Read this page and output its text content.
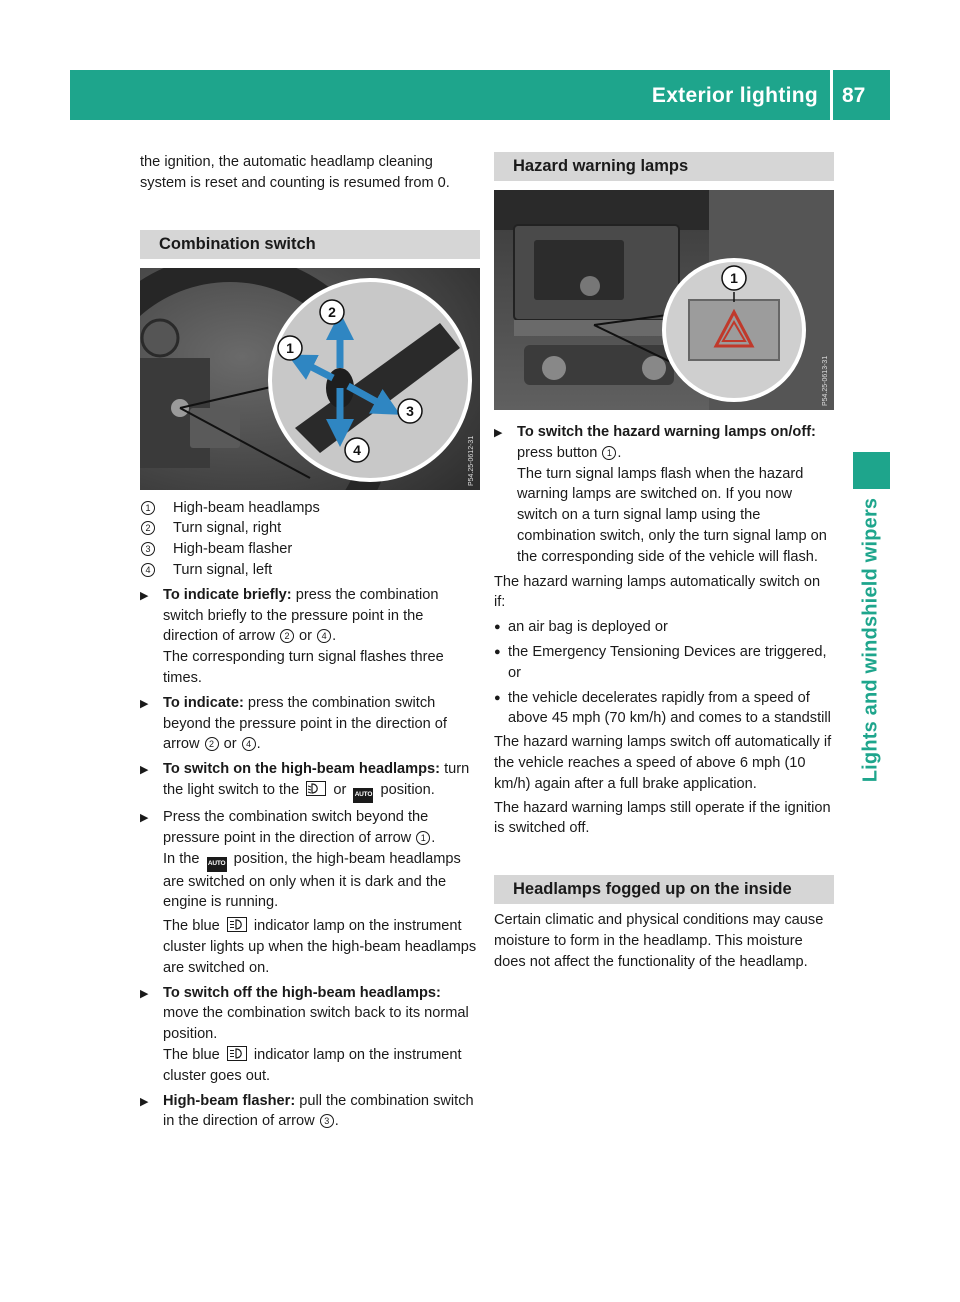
Exterior lighting 87
Lights and windshield wipers

the ignition, the automatic headlamp cleaning

system is reset and counting is resumed from 0.

Combination switch
1
2
3
4	P54.25-0612-31
1	High-beam headlamps
2	Turn signal, right
3	High-beam flasher
4	Turn signal, left
▶ To indicate briefly: press the combination switch briefly to the pressure point in the direction of arrow 2 or 4 .

The corresponding turn signal flashes three times.

▶ To indicate: press the combination switch beyond the pressure point in the direction of arrow 2 or 4 .
▶ To switch on the high-beam headlamps: turn the light switch to the
or AUTO position.
▶ Press the combination switch beyond the pressure point in the direction of arrow 1 .

In the AUTO position, the high-beam headlamps are switched on only when it is dark and the engine is running.

The blue
indicator lamp on the instrument cluster lights up when the high-beam headlamps are switched on.

▶ To switch off the high-beam headlamps: move the combination switch back to its normal position.

The blue
indicator lamp on the instrument cluster goes out.

▶ High-beam flasher: pull the combination switch in the direction of arrow 3 .
Hazard warning lamps
1
P54.25-0613-31
▶ To switch the hazard warning lamps on/off: press button 1 .

The turn signal lamps flash when the hazard warning lamps are switched on. If you now switch on a turn signal lamp using the combination switch, only the turn signal lamp on the corresponding side of the vehicle will flash.

The hazard warning lamps automatically switch on if:

● an air bag is deployed or
● the Emergency Tensioning Devices are triggered, or
● the vehicle decelerates rapidly from a speed of above 45 mph (70 km/h) and comes to a standstill

The hazard warning lamps switch off automatically if the vehicle reaches a speed of above 6 mph (10 km/h) again after a full brake application.

The hazard warning lamps still operate if the ignition is switched off.

Headlamps fogged up on the inside

Certain climatic and physical conditions may cause moisture to form in the headlamp. This moisture does not affect the functionality of the headlamp.
